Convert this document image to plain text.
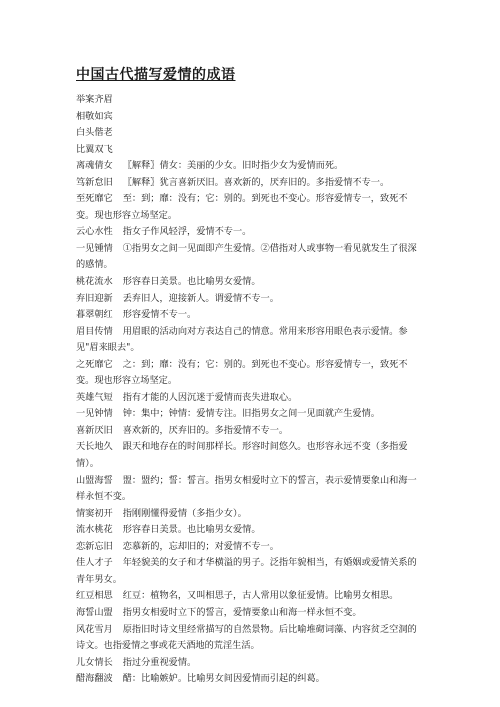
中国古代描写爱情的成语

举案齐眉

相敬如宾

白头偕老

比翼双飞

离魂倩女 〖解释〗倩女：美丽的少女。旧时指少女为爱情而死。

笃新怠旧 〖解释〗犹言喜新厌旧。喜欢新的，厌弃旧的。多指爱情不专一。

至死靡它 至：到；靡：没有；它：别的。到死也不变心。形容爱情专一，致死不变。现也形容立场坚定。

云心水性 指女子作风轻浮，爱情不专一。

一见锺情 ①指男女之间一见面即产生爱情。②借指对人或事物一看见就发生了很深的感情。

桃花流水 形容春日美景。也比喻男女爱情。

弃旧迎新 丢弃旧人，迎接新人。谓爱情不专一。

暮翠朝红 形容爱情不专一。

眉目传情 用眉眼的活动向对方表达自己的情意。常用来形容用眼色表示爱情。参见"眉来眼去"。

之死靡它 之：到；靡：没有；它：别的。到死也不变心。形容爱情专一，致死不变。现也形容立场坚定。

英雄气短 指有才能的人因沉迷于爱情而丧失进取心。

一见钟情 钟：集中；钟情：爱情专注。旧指男女之间一见面就产生爱情。

喜新厌旧 喜欢新的，厌弃旧的。多指爱情不专一。

天长地久 跟天和地存在的时间那样长。形容时间悠久。也形容永远不变（多指爱情）。

山盟海誓 盟：盟约；誓：誓言。指男女相爱时立下的誓言，表示爱情要象山和海一样永恒不变。

情窦初开 指刚刚懂得爱情（多指少女）。

流水桃花 形容春日美景。也比喻男女爱情。

恋新忘旧 恋慕新的，忘却旧的；对爱情不专一。

佳人才子 年轻貌美的女子和才华横溢的男子。泛指年貌相当，有婚姻或爱情关系的青年男女。

红豆相思 红豆：植物名，又叫相思子，古人常用以象征爱情。比喻男女相思。

海誓山盟 指男女相爱时立下的誓言，爱情要象山和海一样永恒不变。

风花雪月 原指旧时诗文里经常描写的自然景物。后比喻堆砌词藻、内容贫乏空洞的诗文。也指爱情之事或花天酒地的荒淫生活。

儿女情长 指过分重视爱情。

醋海翻波 醋：比喻嫉妒。比喻男女间因爱情而引起的纠葛。
